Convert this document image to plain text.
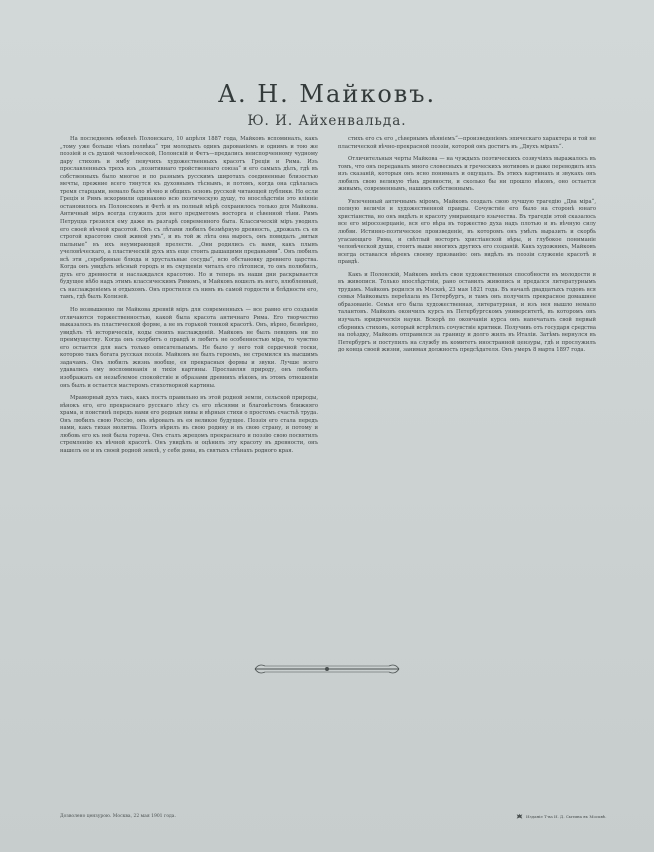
А. Н. Майковъ.
Ю. И. Айхенвальда.

На последнемъ юбилеѣ Полонскаго, 10 апрѣля 1887 года, Майковъ вспоминалъ, какъ „тому уже больше чѣмъ полвѣка“ три молодыхъ одинъ дарованіемъ и однимъ и тою же поэзіей и съ душой человѣческой, Полонскій и Фетъ—предались неиспорченному чудному дару стиховъ и ямбу певучихъ художественныхъ красотъ Греціи и Рима. Изъ прославленныхъ трехъ изъ „позитивнаго тройственнаго союза“ и его самыхъ дѣлъ, гдѣ въ собственныхъ было многое и по разнымъ русскимъ широтахъ соединенные близостью мечты, прежние всего тянутся къ духовнымъ тѣснымъ, и потомъ, когда она сдѣлалась тремя старцами, немало было вѣчно и общихъ основъ русской читающей публики. Но если Греція и Римъ вскормили одинаково всю поэтическую душу, то впослѣдствіи это влiянiе остановилось въ Полонскомъ и Фетѣ и въ полный мѣрѣ сохранилось только для Майкова. Античный міръ всегда служилъ для него предметомъ восторга и сѣвенной тѣни. Римъ Петруцца грезился ему даже въ разгарѣ современного быта. Классическій міръ уводилъ его своей вѣчной красотой. Онъ съ лѣтами любилъ безмѣрную древность, „дрожалъ съ ея строгой красотою свой живой умъ“, и въ той ж лѣта она выросъ, онъ повидалъ „витыя пыльные“ въ ихъ неумирающей прелести. „Они родились съ вами, какъ плывъ учеловѣческаго, а пластическій духъ ихъ еще стоить дышащими преданьями“. Онъ любилъ всѣ эти „серебряные блюда и хрустальные сосуды“, всю обстановку древнего царства. Когда онъ увидѣлъ мѣсный городъ и въ смущенiи читалъ его лѣтописи, то онъ полюбилъ, духъ его древности и наслаждался красотою. Но и теперь въ наши дни раскрывается будущее нѣбо надъ этимъ классическимъ Римомъ, и Майковъ вошелъ въ него, влюбленный, съ наслажденіемъ и отдыхомъ. Онъ простился съ нимъ въ самой гордости и блѣдности его, тамъ, гдѣ былъ Колизей.

Но возвышенно ли Майкова древній міръ для современныхъ — все равно его созданія отличаются торжественностью, какой была красота античнаго Рима. Его творчество выказалось въ пластической форме, а не въ горькой тонкой красотѣ. Онъ, вѣрно, безмѣрно, увидѣлъ тѣ историческія, коды своихъ наслажденій. Майковъ не былъ певцомъ ни по преимуществу. Когда онъ скорбитъ о правдѣ и любитъ не особенностью міра, то чувство его остается для насъ только описательнымъ. Не было у него той сердечной тоски, которою такъ богата русская поэзія. Майковъ не былъ героемъ, не стремился къ высшимъ задачамъ. Онъ любилъ жизнь вообще, ея прекрасныя формы и звуки. Лучше всего удавались ему воспоминанія и тихія картины. Прославляя природу, онъ любилъ изображать ея незыблемое спокойствіе и образами древнихъ вѣковъ, въ этомъ отношеніи онъ былъ и остается мастеромъ стихотворной картины.

Мраморный духъ такъ, какъ постъ правильно въ этой родной земли, сельской природы, вѣнокъ его, его прекраснаго русскаго лѣсу съ его пѣснями и благовѣстомъ ближняго храма, и поистинѣ передъ нами его родныя нивы и вѣрныя стихи о простомъ счастьѣ труда. Онъ любилъ свою Россію, онъ вѣровалъ въ ея великое будущее. Поэзія его стала передъ нами, какъ тихая молитва. Поэтъ вѣрилъ въ свою родину и въ свою страну, и потому и любовь его къ ней была горяча. Онъ сталъ жрецомъ прекраснаго и поэзію свою посвятилъ стремленію къ вѣчной красотѣ. Онъ увидѣлъ и оцѣнилъ эту красоту въ древности, онъ нашелъ ее и въ своей родной землѣ, у себя дома, въ святыхъ стѣнахъ родного края.

стихъ его съ его „сѣвернымъ вѣяніемъ“—произведеніемъ эпическаго характера и той не пластической вѣчно-прекрасной поэзіи, которой онъ достигъ въ „Двухъ мірахъ“.

Отличительныя черты Майкова — на чуждыхъ поэтическихъ созвучіяхъ выражалось въ томъ, что онъ передавалъ много словесныхъ и греческихъ мотивовъ и даже переводилъ ихъ изъ сказаній, которыя онъ ясно понималъ и ощущалъ. Въ этихъ картинахъ и звукахъ онъ любилъ свою великую тѣнь древности, и сколько бы ни прошло вѣковъ, оно остается живымъ, современнымъ, нашимъ собственнымъ.

Увлеченный античнымъ міромъ, Майковъ создалъ свою лучшую трагедію „Два міра“, полную величія и художественной правды. Сочувствіе его было на сторонѣ юнаго христіанства, но онъ видѣлъ и красоту умирающаго язычества. Въ трагедіи этой сказалось все его міросозерцаніе, вся его вѣра въ торжество духа надъ плотью и въ вѣчную силу любви. Истинно-поэтическое произведеніе, въ которомъ онъ умѣлъ выразить и скорбь угасающаго Рима, и свѣтлый восторгъ христіанской вѣры, и глубокое пониманіе человѣческой души, стоитъ выше многихъ другихъ его созданій. Какъ художникъ, Майковъ всегда оставался вѣренъ своему призванію: онъ видѣлъ въ поэзіи служеніе красотѣ и правдѣ.

Какъ и Полонскій, Майковъ имѣлъ свои художественныя способности въ молодости и въ живописи. Только впослѣдствіи, рано оставилъ живопись и предался литературнымъ трудамъ. Майковъ родился въ Москвѣ, 23 мая 1821 года. Въ началѣ двадцатыхъ годовъ вся семья Майковыхъ переѣхала въ Петербургъ, и тамъ онъ получилъ прекрасное домашнее образованіе. Семья его была художественная, литературная, и изъ нея вышло немало талантовъ. Майковъ окончилъ курсъ въ Петербургскомъ университетѣ, въ которомъ онъ изучалъ юридическія науки. Вскорѣ по окончаніи курса онъ напечаталъ свой первый сборникъ стиховъ, который встрѣтилъ сочувствіе критики. Получивъ отъ государя средства на поѣздку, Майковъ отправился за границу и долго жилъ въ Италіи. Затѣмъ вернулся въ Петербургъ и поступилъ на службу въ комитетъ иностранной цензуры, гдѣ и прослужилъ до конца своей жизни, занимая должность предсѣдателя. Онъ умеръ 8 марта 1897 года.

Дозволено цензурою. Москва, 22 мая 1901 года.	Изданіе Т-ва И. Д. Сытина въ Москвѣ.
